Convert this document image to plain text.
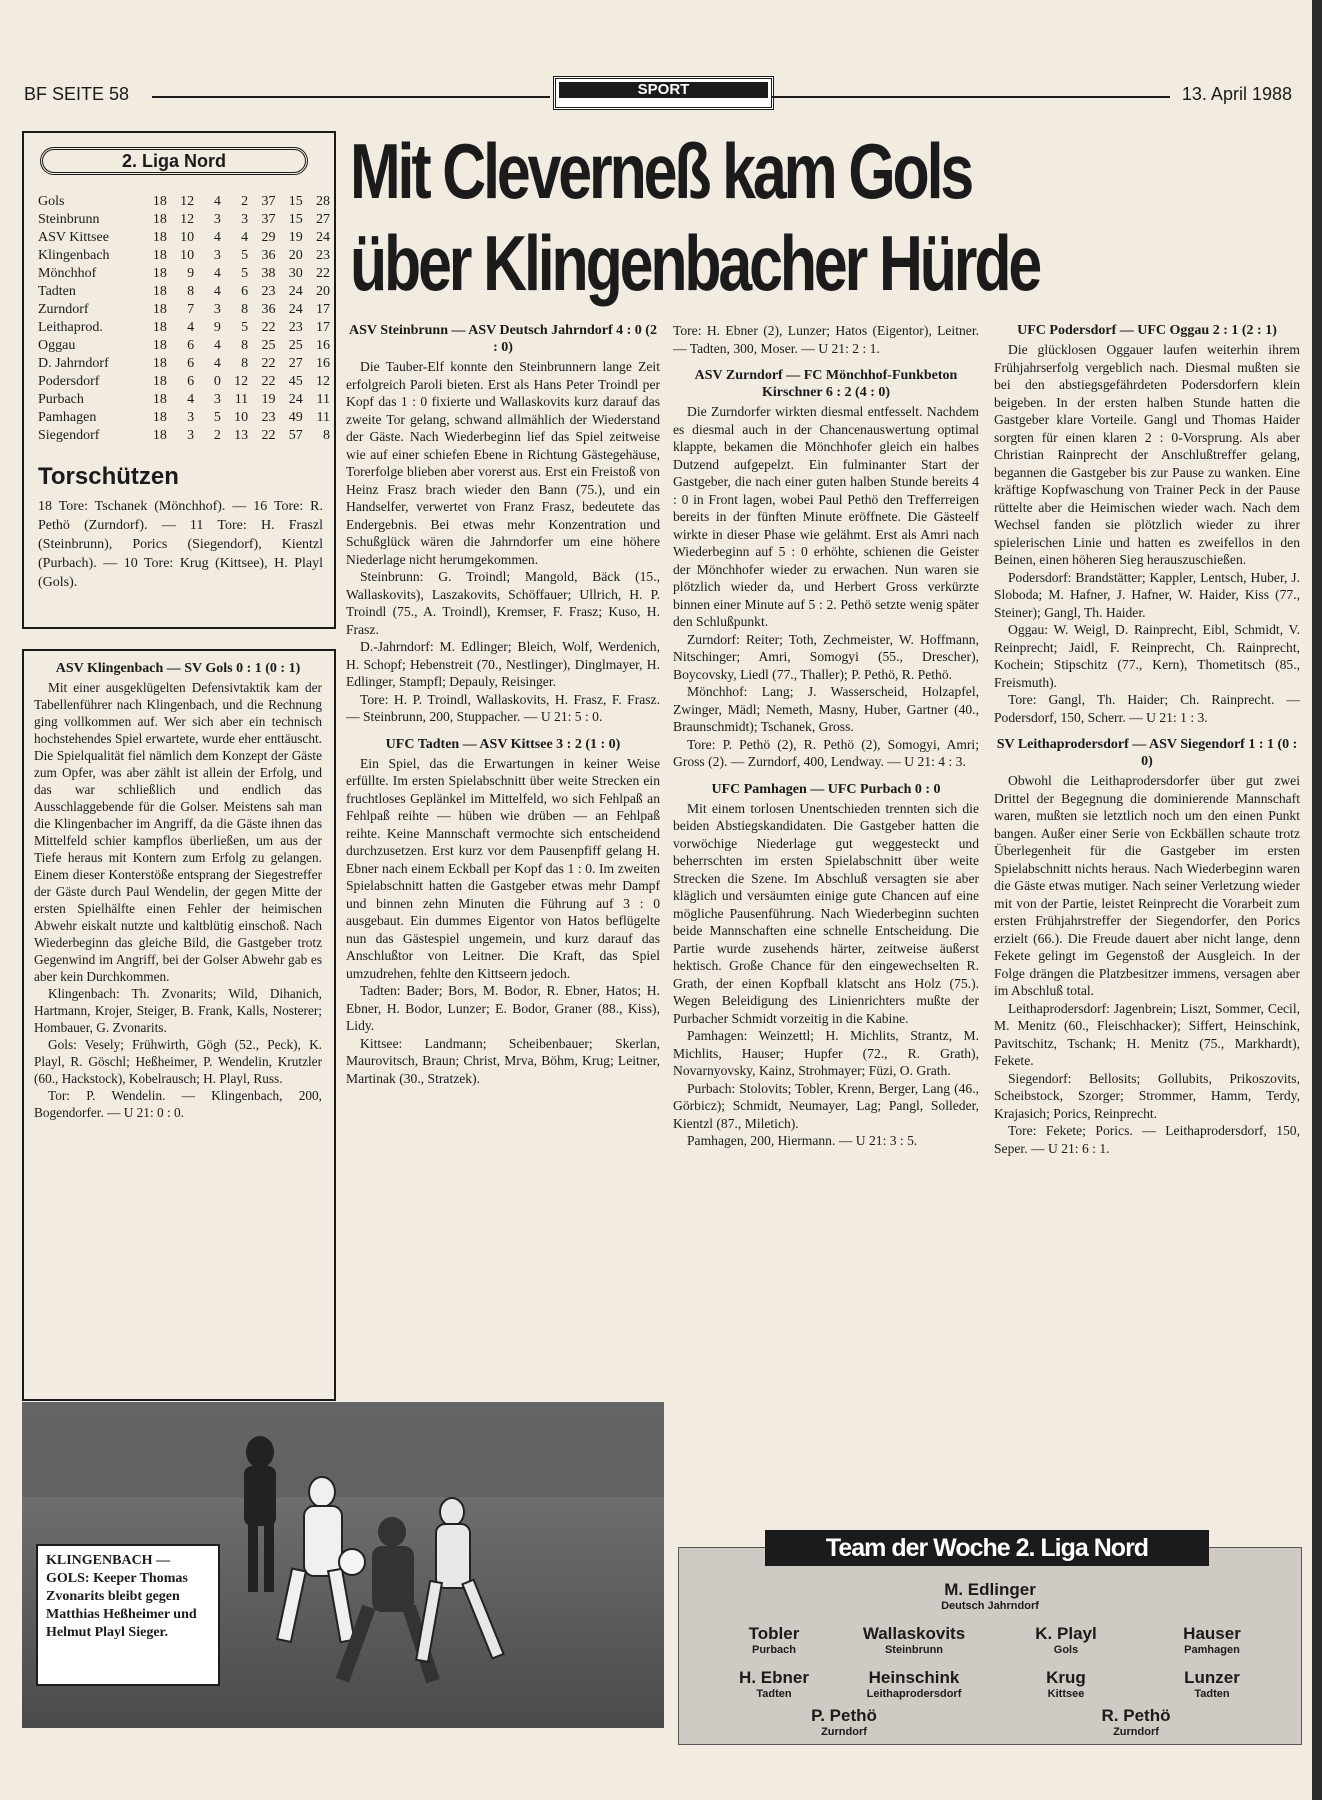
BF SEITE 58	SPORT	13. April 1988
2. Liga Nord
Gols	18	12	4	2	37	15	28
Steinbrunn	18	12	3	3	37	15	27
ASV Kittsee	18	10	4	4	29	19	24
Klingenbach	18	10	3	5	36	20	23
Mönchhof	18	9	4	5	38	30	22
Tadten	18	8	4	6	23	24	20
Zurndorf	18	7	3	8	36	24	17
Leithaprod.	18	4	9	5	22	23	17
Oggau	18	6	4	8	25	25	16
D. Jahrndorf	18	6	4	8	22	27	16
Podersdorf	18	6	0	12	22	45	12
Purbach	18	4	3	11	19	24	11
Pamhagen	18	3	5	10	23	49	11
Siegendorf	18	3	2	13	22	57	8
Torschützen
18 Tore: Tschanek (Mönchhof). — 16 Tore: R. Pethö (Zurndorf). — 11 Tore: H. Fraszl (Steinbrunn), Porics (Siegendorf), Kientzl (Purbach). — 10 Tore: Krug (Kittsee), H. Playl (Gols).
Mit Cleverneß kam Gols
über Klingenbacher Hürde
ASV Klingenbach — SV Gols 0 : 1 (0 : 1)

Mit einer ausgeklügelten Defensivtaktik kam der Tabellenführer nach Klingenbach, und die Rechnung ging vollkommen auf. Wer sich aber ein technisch hochstehendes Spiel erwartete, wurde eher enttäuscht. Die Spielqualität fiel nämlich dem Konzept der Gäste zum Opfer, was aber zählt ist allein der Erfolg, und das war schließlich und endlich das Ausschlaggebende für die Golser. Meistens sah man die Klingenbacher im Angriff, da die Gäste ihnen das Mittelfeld schier kampflos überließen, um aus der Tiefe heraus mit Kontern zum Erfolg zu gelangen. Einem dieser Konterstöße entsprang der Siegestreffer der Gäste durch Paul Wendelin, der gegen Mitte der ersten Spielhälfte einen Fehler der heimischen Abwehr eiskalt nutzte und kaltblütig einschoß. Nach Wiederbeginn das gleiche Bild, die Gastgeber trotz Gegenwind im Angriff, bei der Golser Abwehr gab es aber kein Durchkommen.

Klingenbach: Th. Zvonarits; Wild, Dihanich, Hartmann, Krojer, Steiger, B. Frank, Kalls, Nosterer; Hombauer, G. Zvonarits.

Gols: Vesely; Frühwirth, Gögh (52., Peck), K. Playl, R. Göschl; Heßheimer, P. Wendelin, Krutzler (60., Hackstock), Kobelrausch; H. Playl, Russ.

Tor: P. Wendelin. — Klingenbach, 200, Bogendorfer. — U 21: 0 : 0.

ASV Steinbrunn — ASV Deutsch Jahrndorf 4 : 0 (2 : 0)

Die Tauber-Elf konnte den Steinbrunnern lange Zeit erfolgreich Paroli bieten. Erst als Hans Peter Troindl per Kopf das 1 : 0 fixierte und Wallaskovits kurz darauf das zweite Tor gelang, schwand allmählich der Wiederstand der Gäste. Nach Wiederbeginn lief das Spiel zeitweise wie auf einer schiefen Ebene in Richtung Gästegehäuse, Torerfolge blieben aber vorerst aus. Erst ein Freistoß von Heinz Frasz brach wieder den Bann (75.), und ein Handselfer, verwertet von Franz Frasz, bedeutete das Endergebnis. Bei etwas mehr Konzentration und Schußglück wären die Jahrndorfer um eine höhere Niederlage nicht herumgekommen.

Steinbrunn: G. Troindl; Mangold, Bäck (15., Wallaskovits), Laszakovits, Schöffauer; Ullrich, H. P. Troindl (75., A. Troindl), Kremser, F. Frasz; Kuso, H. Frasz.

D.-Jahrndorf: M. Edlinger; Bleich, Wolf, Werdenich, H. Schopf; Hebenstreit (70., Nestlinger), Dinglmayer, H. Edlinger, Stampfl; Depauly, Reisinger.

Tore: H. P. Troindl, Wallaskovits, H. Frasz, F. Frasz. — Steinbrunn, 200, Stuppacher. — U 21: 5 : 0.

UFC Tadten — ASV Kittsee 3 : 2 (1 : 0)

Ein Spiel, das die Erwartungen in keiner Weise erfüllte. Im ersten Spielabschnitt über weite Strecken ein fruchtloses Geplänkel im Mittelfeld, wo sich Fehlpaß an Fehlpaß reihte — hüben wie drüben — an Fehlpaß reihte. Keine Mannschaft vermochte sich entscheidend durchzusetzen. Erst kurz vor dem Pausenpfiff gelang H. Ebner nach einem Eckball per Kopf das 1 : 0. Im zweiten Spielabschnitt hatten die Gastgeber etwas mehr Dampf und binnen zehn Minuten die Führung auf 3 : 0 ausgebaut. Ein dummes Eigentor von Hatos beflügelte nun das Gästespiel ungemein, und kurz darauf das Anschlußtor von Leitner. Die Kraft, das Spiel umzudrehen, fehlte den Kittseern jedoch.

Tadten: Bader; Bors, M. Bodor, R. Ebner, Hatos; H. Ebner, H. Bodor, Lunzer; E. Bodor, Graner (88., Kiss), Lidy.

Kittsee: Landmann; Scheibenbauer; Skerlan, Maurovitsch, Braun; Christ, Mrva, Böhm, Krug; Leitner, Martinak (30., Stratzek).

Tore: H. Ebner (2), Lunzer; Hatos (Eigentor), Leitner. — Tadten, 300, Moser. — U 21: 2 : 1.

ASV Zurndorf — FC Mönchhof-Funkbeton Kirschner 6 : 2 (4 : 0)

Die Zurndorfer wirkten diesmal entfesselt. Nachdem es diesmal auch in der Chancenauswertung optimal klappte, bekamen die Mönchhofer gleich ein halbes Dutzend aufgepelzt. Ein fulminanter Start der Gastgeber, die nach einer guten halben Stunde bereits 4 : 0 in Front lagen, wobei Paul Pethö den Trefferreigen bereits in der fünften Minute eröffnete. Die Gästeelf wirkte in dieser Phase wie gelähmt. Erst als Amri nach Wiederbeginn auf 5 : 0 erhöhte, schienen die Geister der Mönchhofer wieder zu erwachen. Nun waren sie plötzlich wieder da, und Herbert Gross verkürzte binnen einer Minute auf 5 : 2. Pethö setzte wenig später den Schlußpunkt.

Zurndorf: Reiter; Toth, Zechmeister, W. Hoffmann, Nitschinger; Amri, Somogyi (55., Drescher), Boycovsky, Liedl (77., Thaller); P. Pethö, R. Pethö.

Mönchhof: Lang; J. Wasserscheid, Holzapfel, Zwinger, Mädl; Nemeth, Masny, Huber, Gartner (40., Braunschmidt); Tschanek, Gross.

Tore: P. Pethö (2), R. Pethö (2), Somogyi, Amri; Gross (2). — Zurndorf, 400, Lendway. — U 21: 4 : 3.

UFC Pamhagen — UFC Purbach 0 : 0

Mit einem torlosen Unentschieden trennten sich die beiden Abstiegskandidaten. Die Gastgeber hatten die vorwöchige Niederlage gut weggesteckt und beherrschten im ersten Spielabschnitt über weite Strecken die Szene. Im Abschluß versagten sie aber kläglich und versäumten einige gute Chancen auf eine mögliche Pausenführung. Nach Wiederbeginn suchten beide Mannschaften eine schnelle Entscheidung. Die Partie wurde zusehends härter, zeitweise äußerst hektisch. Große Chance für den eingewechselten R. Grath, der einen Kopfball klatscht ans Holz (75.). Wegen Beleidigung des Linienrichters mußte der Purbacher Schmidt vorzeitig in die Kabine.

Pamhagen: Weinzettl; H. Michlits, Strantz, M. Michlits, Hauser; Hupfer (72., R. Grath), Novarnyovsky, Kainz, Strohmayer; Füzi, O. Grath.

Purbach: Stolovits; Tobler, Krenn, Berger, Lang (46., Görbicz); Schmidt, Neumayer, Lag; Pangl, Solleder, Kientzl (87., Miletich).

Pamhagen, 200, Hiermann. — U 21: 3 : 5.

UFC Podersdorf — UFC Oggau 2 : 1 (2 : 1)

Die glücklosen Oggauer laufen weiterhin ihrem Frühjahrserfolg vergeblich nach. Diesmal mußten sie bei den abstiegsgefährdeten Podersdorfern klein beigeben. In der ersten halben Stunde hatten die Gastgeber klare Vorteile. Gangl und Thomas Haider sorgten für einen klaren 2 : 0-Vorsprung. Als aber Christian Rainprecht der Anschlußtreffer gelang, begannen die Gastgeber bis zur Pause zu wanken. Eine kräftige Kopfwaschung von Trainer Peck in der Pause rüttelte aber die Heimischen wieder wach. Nach dem Wechsel fanden sie plötzlich wieder zu ihrer spielerischen Linie und hatten es zweifellos in den Beinen, einen höheren Sieg herauszuschießen.

Podersdorf: Brandstätter; Kappler, Lentsch, Huber, J. Sloboda; M. Hafner, J. Hafner, W. Haider, Kiss (77., Steiner); Gangl, Th. Haider.

Oggau: W. Weigl, D. Rainprecht, Eibl, Schmidt, V. Reinprecht; Jaidl, F. Reinprecht, Ch. Rainprecht, Kochein; Stipschitz (77., Kern), Thometitsch (85., Freismuth).

Tore: Gangl, Th. Haider; Ch. Rainprecht. — Podersdorf, 150, Scherr. — U 21: 1 : 3.

SV Leithaprodersdorf — ASV Siegendorf 1 : 1 (0 : 0)

Obwohl die Leithaprodersdorfer über gut zwei Drittel der Begegnung die dominierende Mannschaft waren, mußten sie letztlich noch um den einen Punkt bangen. Außer einer Serie von Eckbällen schaute trotz Überlegenheit für die Gastgeber im ersten Spielabschnitt nichts heraus. Nach Wiederbeginn waren die Gäste etwas mutiger. Nach seiner Verletzung wieder mit von der Partie, leistet Reinprecht die Vorarbeit zum ersten Frühjahrstreffer der Siegendorfer, den Porics erzielt (66.). Die Freude dauert aber nicht lange, denn Fekete gelingt im Gegenstoß der Ausgleich. In der Folge drängen die Platzbesitzer immens, versagen aber im Abschluß total.

Leithaprodersdorf: Jagenbrein; Liszt, Sommer, Cecil, M. Menitz (60., Fleischhacker); Siffert, Heinschink, Pavitschitz, Tschank; H. Menitz (75., Markhardt), Fekete.

Siegendorf: Bellosits; Gollubits, Prikoszovits, Scheibstock, Szorger; Strommer, Hamm, Terdy, Krajasich; Porics, Reinprecht.

Tore: Fekete; Porics. — Leithaprodersdorf, 150, Seper. — U 21: 6 : 1.

KLINGENBACH — GOLS: Keeper Thomas Zvonarits bleibt gegen Matthias Heßheimer und Helmut Playl Sieger.
Team der Woche 2. Liga Nord
M. Edlinger
Deutsch Jahrndorf
Tobler
Purbach
Wallaskovits
Steinbrunn
K. Playl
Gols
Hauser
Pamhagen
H. Ebner
Tadten
Heinschink
Leithaprodersdorf
Krug
Kittsee
Lunzer
Tadten
P. Pethö
Zurndorf
R. Pethö
Zurndorf
